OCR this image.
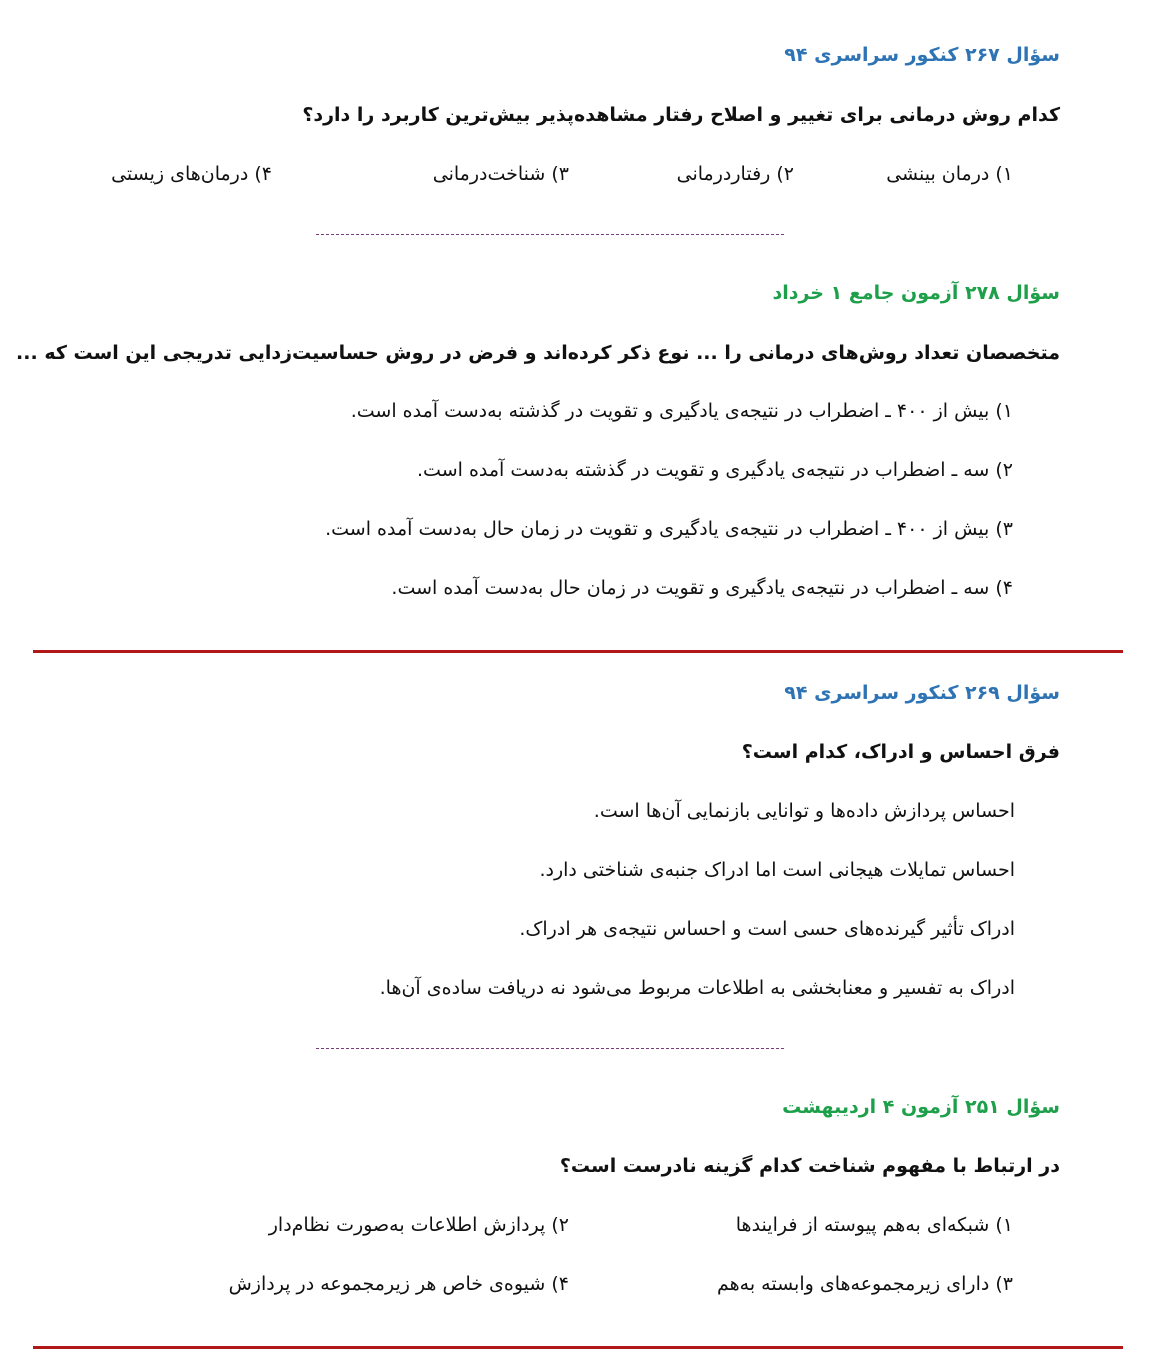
سؤال ۲۶۷ کنکور سراسری ۹۴
کدام روش درمانی برای تغییر و اصلاح رفتار مشاهده‌پذیر بیش‌ترین کاربرد را دارد؟
۱) درمان بینشی
۲) رفتاردرمانی
۳) شناخت‌درمانی
۴) درمان‌های زیستی
سؤال ۲۷۸ آزمون جامع ۱ خرداد
متخصصان تعداد روش‌های درمانی را ... نوع ذکر کرده‌اند و فرض در روش حساسیت‌زدایی تدریجی این است که ...
۱) بیش از ۴۰۰ ـ اضطراب در نتیجه‌ی یادگیری و تقویت در گذشته به‌دست آمده است.
۲) سه ـ اضطراب در نتیجه‌ی یادگیری و تقویت در گذشته به‌دست آمده است.
۳) بیش از ۴۰۰ ـ اضطراب در نتیجه‌ی یادگیری و تقویت در زمان حال به‌دست آمده است.
۴) سه ـ اضطراب در نتیجه‌ی یادگیری و تقویت در زمان حال به‌دست آمده است.
سؤال ۲۶۹ کنکور سراسری ۹۴
فرق احساس و ادراک، کدام است؟
احساس پردازش داده‌ها و توانایی بازنمایی آن‌ها است.
احساس تمایلات هیجانی است اما ادراک جنبه‌ی شناختی دارد.
ادراک تأثیر گیرنده‌های حسی است و احساس نتیجه‌ی هر ادراک.
ادراک به تفسیر و معنابخشی به اطلاعات مربوط می‌شود نه دریافت ساده‌ی آن‌ها.
سؤال ۲۵۱ آزمون ۴ اردیبهشت
در ارتباط با مفهوم شناخت کدام گزینه نادرست است؟
۱) شبکه‌ای به‌هم پیوسته از فرایندها
۲) پردازش اطلاعات به‌صورت نظام‌دار
۳) دارای زیرمجموعه‌های وابسته به‌هم
۴) شیوه‌ی خاص هر زیرمجموعه در پردازش
